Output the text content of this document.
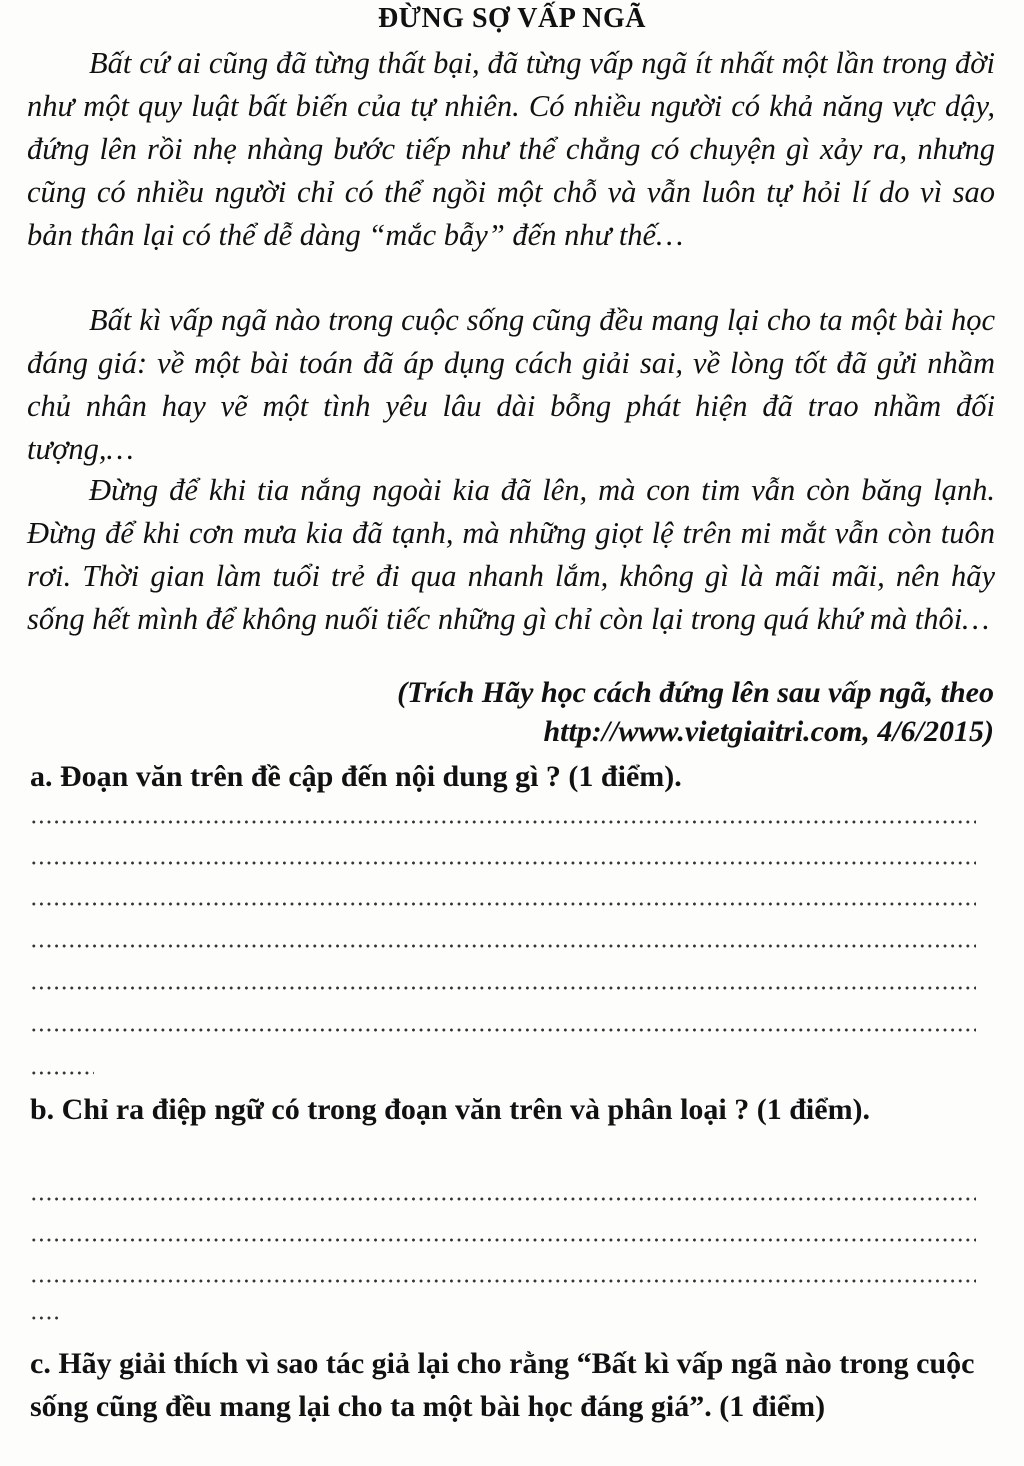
ĐỪNG SỢ VẤP NGÃ

Bất cứ ai cũng đã từng thất bại, đã từng vấp ngã ít nhất một lần trong đời như một quy luật bất biến của tự nhiên. Có nhiều người có khả năng vực dậy, đứng lên rồi nhẹ nhàng bước tiếp như thể chẳng có chuyện gì xảy ra, nhưng cũng có nhiều người chỉ có thể ngồi một chỗ và vẫn luôn tự hỏi lí do vì sao bản thân lại có thể dễ dàng “mắc bẫy” đến như thế…

Bất kì vấp ngã nào trong cuộc sống cũng đều mang lại cho ta một bài học đáng giá: về một bài toán đã áp dụng cách giải sai, về lòng tốt đã gửi nhầm chủ nhân hay vẽ một tình yêu lâu dài bỗng phát hiện đã trao nhầm đối tượng,…

Đừng để khi tia nắng ngoài kia đã lên, mà con tim vẫn còn băng lạnh. Đừng để khi cơn mưa kia đã tạnh, mà những giọt lệ trên mi mắt vẫn còn tuôn rơi. Thời gian làm tuổi trẻ đi qua nhanh lắm, không gì là mãi mãi, nên hãy sống hết mình để không nuối tiếc những gì chỉ còn lại trong quá khứ mà thôi…

(Trích Hãy học cách đứng lên sau vấp ngã, theo
http://www.vietgiaitri.com, 4/6/2015)

a. Đoạn văn trên đề cập đến nội dung gì ? (1 điểm).

b. Chỉ ra điệp ngữ có trong đoạn văn trên và phân loại ? (1 điểm).

c. Hãy giải thích vì sao tác giả lại cho rằng “Bất kì vấp ngã nào trong cuộc sống cũng đều mang lại cho ta một bài học đáng giá”. (1 điểm)
